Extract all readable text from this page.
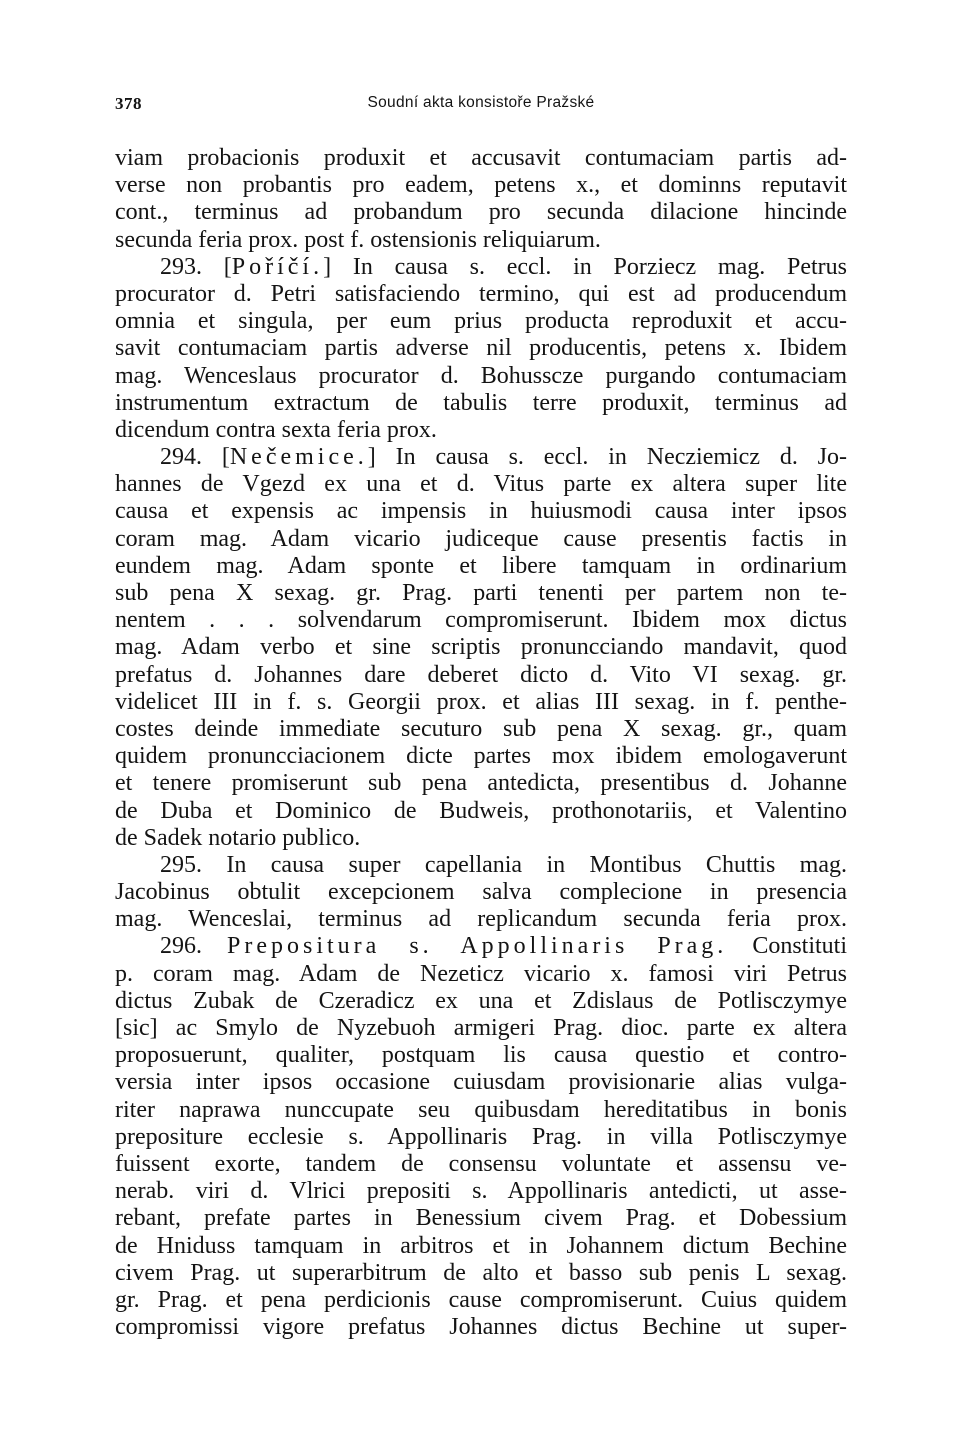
378	Soudní akta konsistoře Pražské
viam probacionis produxit et accusavit contumaciam partis ad-
verse non probantis pro eadem, petens x., et dominns reputavit
cont., terminus ad probandum pro secunda dilacione hincinde
secunda feria prox. post f. ostensionis reliquiarum.
293. [Poříčí.] In causa s. eccl. in Porziecz mag. Petrus
procurator d. Petri satisfaciendo termino, qui est ad producendum
omnia et singula, per eum prius producta reproduxit et accu-
savit contumaciam partis adverse nil producentis, petens x. Ibidem
mag. Wenceslaus procurator d. Bohussсze purgando contumaciam
instrumentum extractum de tabulis terre produxit, terminus ad
dicendum contra sexta feria prox.
294. [Nečemice.] In causa s. eccl. in Necziemicz d. Jo-
hannes de Vgezd ex una et d. Vitus parte ex altera super lite
causa et expensis ac impensis in huiusmodi causa inter ipsos
coram mag. Adam vicario judiceque cause presentis factis in
eundem mag. Adam sponte et libere tamquam in ordinarium
sub pena X sexag. gr. Prag. parti tenenti per partem non te-
nentem . . . solvendarum compromiserunt. Ibidem mox dictus
mag. Adam verbo et sine scriptis pronuncciando mandavit, quod
prefatus d. Johannes dare deberet dicto d. Vito VI sexag. gr.
videlicet III in f. s. Georgii prox. et alias III sexag. in f. penthe-
costes deinde immediate secuturo sub pena X sexag. gr., quam
quidem pronuncciacionem dicte partes mox ibidem emologaverunt
et tenere promiserunt sub pena antedicta, presentibus d. Johanne
de Duba et Dominico de Budweis, prothonotariis, et Valentino
de Sadek notario publico.
295. In causa super capellania in Montibus Chuttis mag.
Jacobinus obtulit excepcionem salva complecione in presencia
mag. Wenceslai, terminus ad replicandum secunda feria prox.
296. Prepositura s. Appollinaris Prag. Constituti
p. coram mag. Adam de Nezeticz vicario x. famosi viri Petrus
dictus Zubak de Czeradicz ex una et Zdislaus de Potlisczymye
[sic] ac Smylo de Nyzebuoh armigeri Prag. dioc. parte ex altera
proposuerunt, qualiter, postquam lis causa questio et contro-
versia inter ipsos occasione cuiusdam provisionarie alias vulga-
riter naprawa nunccupate seu quibusdam hereditatibus in bonis
prepositure ecclesie s. Appollinaris Prag. in villa Potlisczymye
fuissent exorte, tandem de consensu voluntate et assensu ve-
nerab. viri d. Vlrici prepositi s. Appollinaris antedicti, ut asse-
rebant, prefate partes in Benessium civem Prag. et Dobessium
de Hniduss tamquam in arbitros et in Johannem dictum Bechine
civem Prag. ut superarbitrum de alto et basso sub penis L sexag.
gr. Prag. et pena perdicionis cause compromiserunt. Cuius quidem
compromissi vigore prefatus Johannes dictus Bechine ut super-
